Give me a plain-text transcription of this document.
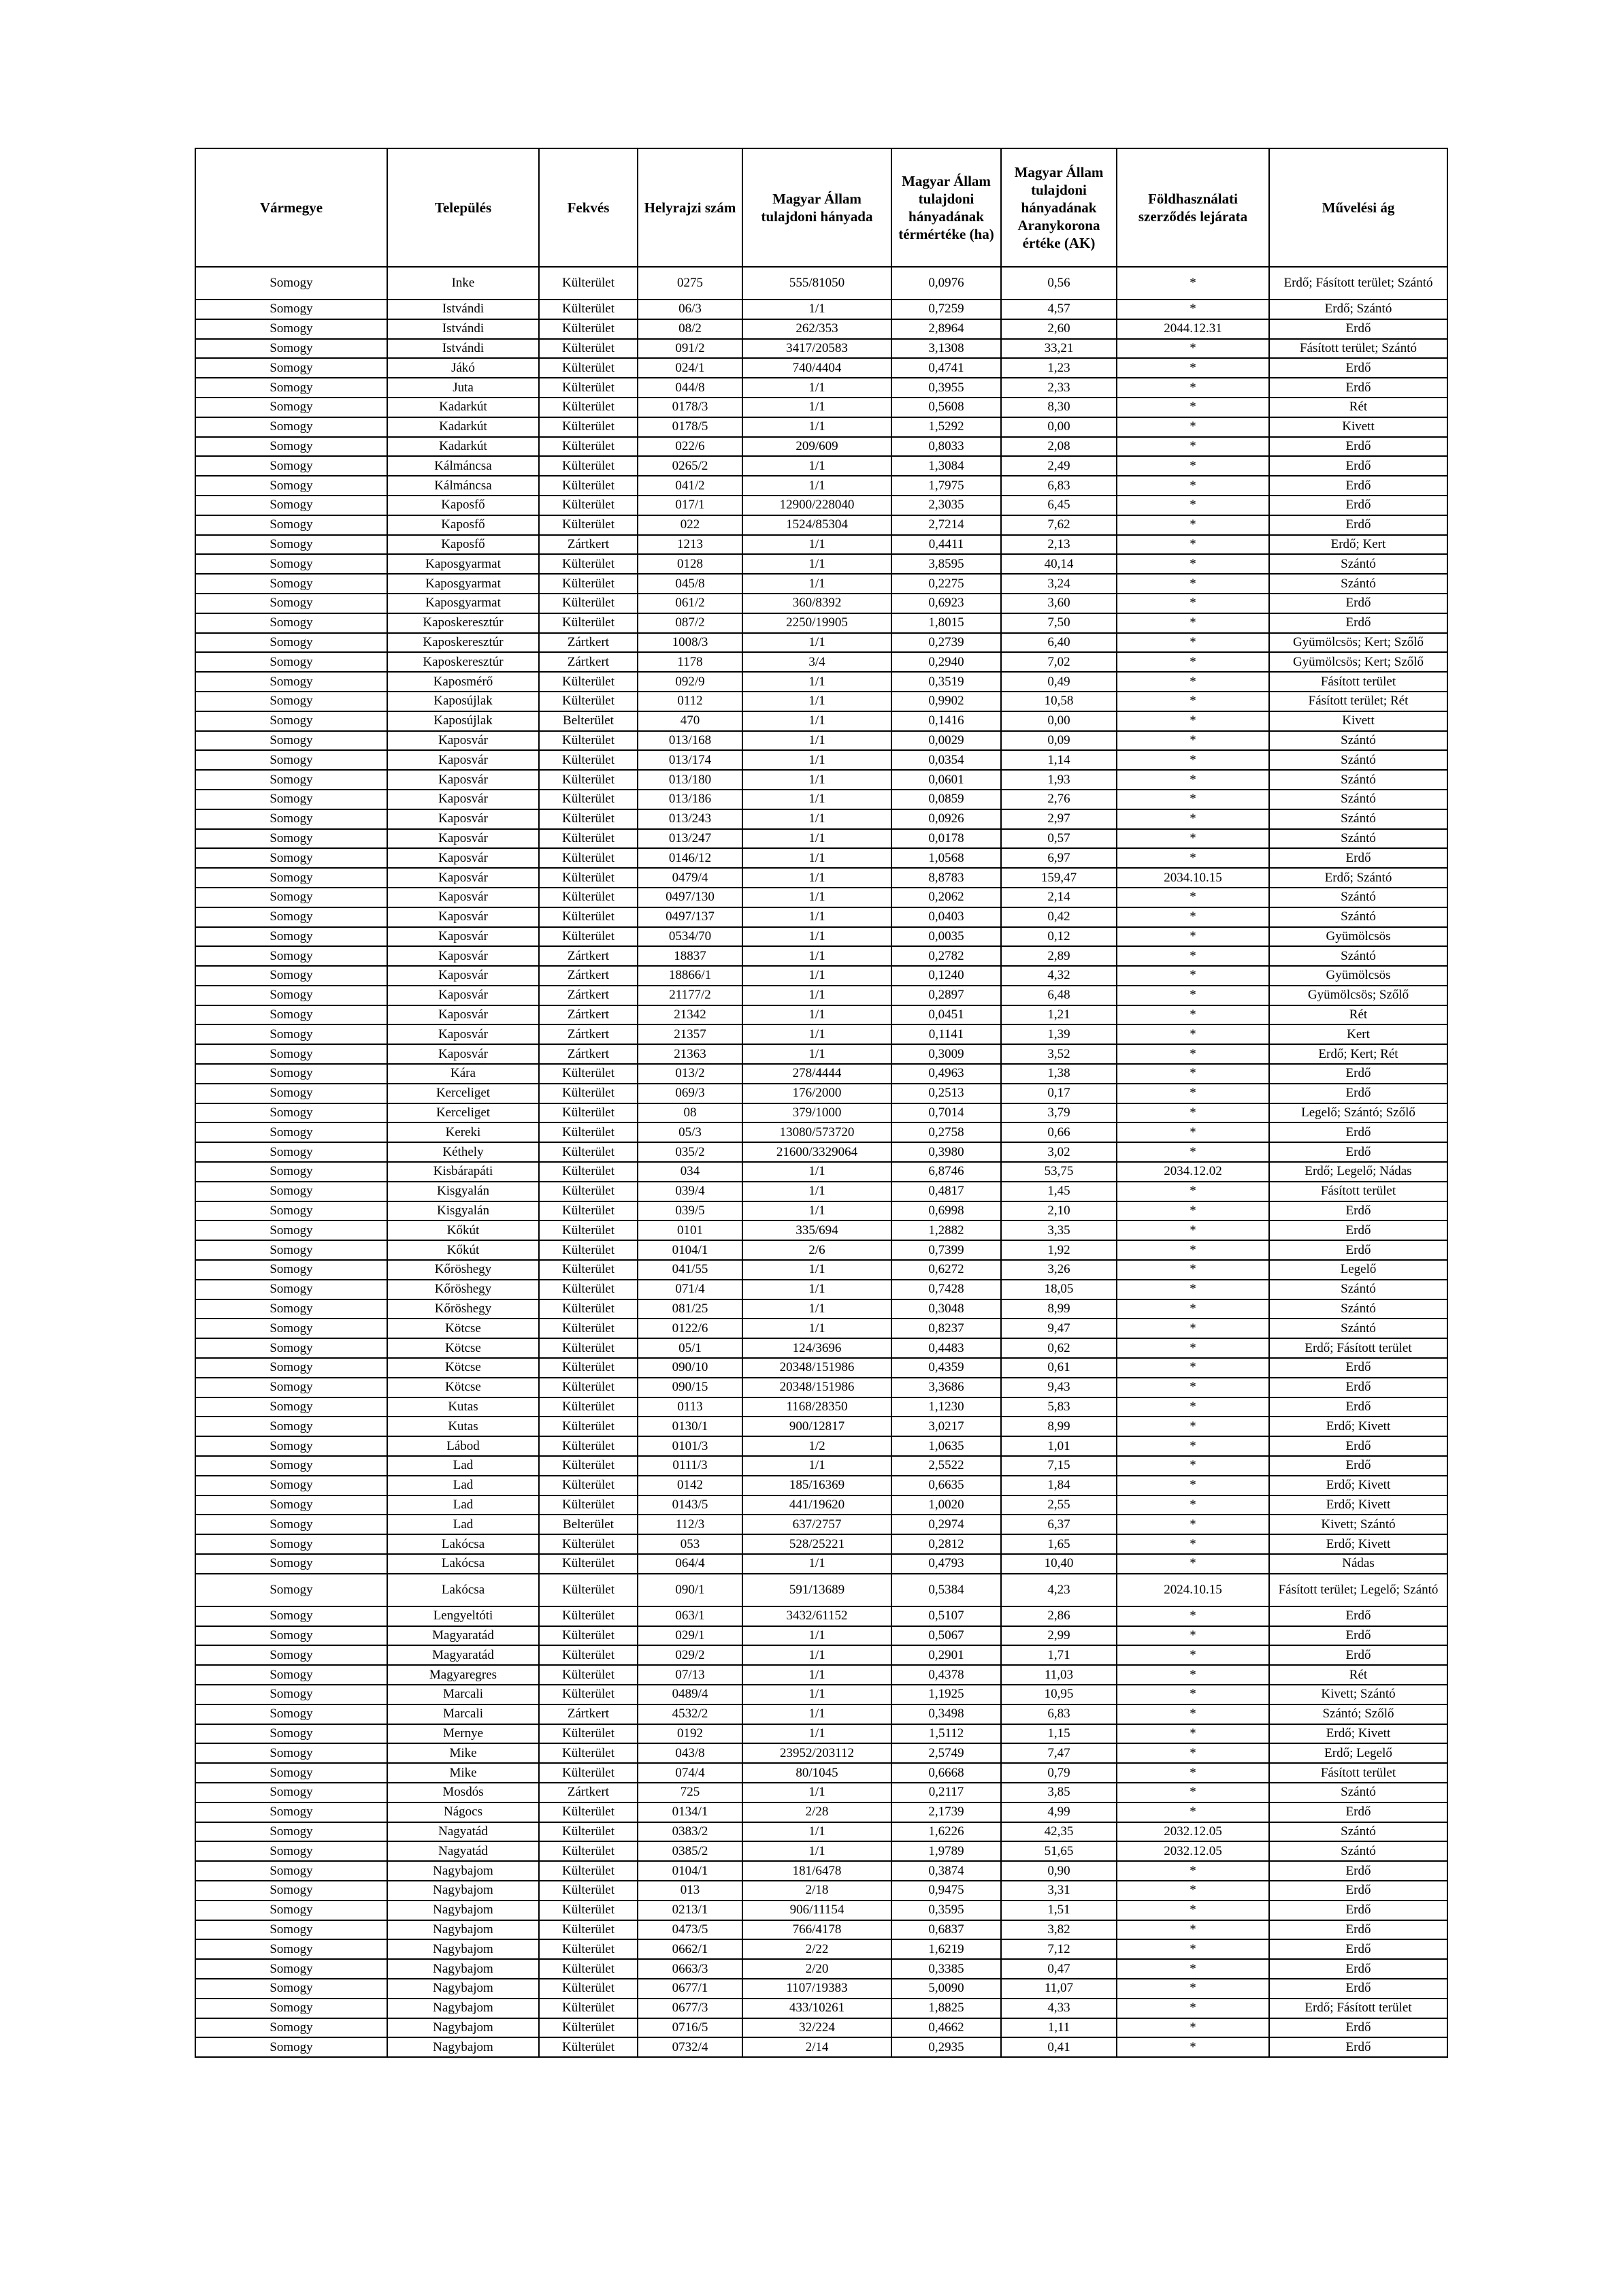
Vármegye	Település	Fekvés	Helyrajzi szám	Magyar Állam tulajdoni hányada	Magyar Állam tulajdoni hányadának térmértéke (ha)	Magyar Állam tulajdoni hányadának Aranykorona értéke (AK)	Földhasználati szerződés lejárata	Művelési ág
Somogy	Inke	Külterület	0275	555/81050	0,0976	0,56	*	Erdő; Fásított terület; Szántó
Somogy	Istvándi	Külterület	06/3	1/1	0,7259	4,57	*	Erdő; Szántó
Somogy	Istvándi	Külterület	08/2	262/353	2,8964	2,60	2044.12.31	Erdő
Somogy	Istvándi	Külterület	091/2	3417/20583	3,1308	33,21	*	Fásított terület; Szántó
Somogy	Jákó	Külterület	024/1	740/4404	0,4741	1,23	*	Erdő
Somogy	Juta	Külterület	044/8	1/1	0,3955	2,33	*	Erdő
Somogy	Kadarkút	Külterület	0178/3	1/1	0,5608	8,30	*	Rét
Somogy	Kadarkút	Külterület	0178/5	1/1	1,5292	0,00	*	Kivett
Somogy	Kadarkút	Külterület	022/6	209/609	0,8033	2,08	*	Erdő
Somogy	Kálmáncsa	Külterület	0265/2	1/1	1,3084	2,49	*	Erdő
Somogy	Kálmáncsa	Külterület	041/2	1/1	1,7975	6,83	*	Erdő
Somogy	Kaposfő	Külterület	017/1	12900/228040	2,3035	6,45	*	Erdő
Somogy	Kaposfő	Külterület	022	1524/85304	2,7214	7,62	*	Erdő
Somogy	Kaposfő	Zártkert	1213	1/1	0,4411	2,13	*	Erdő; Kert
Somogy	Kaposgyarmat	Külterület	0128	1/1	3,8595	40,14	*	Szántó
Somogy	Kaposgyarmat	Külterület	045/8	1/1	0,2275	3,24	*	Szántó
Somogy	Kaposgyarmat	Külterület	061/2	360/8392	0,6923	3,60	*	Erdő
Somogy	Kaposkeresztúr	Külterület	087/2	2250/19905	1,8015	7,50	*	Erdő
Somogy	Kaposkeresztúr	Zártkert	1008/3	1/1	0,2739	6,40	*	Gyümölcsös; Kert; Szőlő
Somogy	Kaposkeresztúr	Zártkert	1178	3/4	0,2940	7,02	*	Gyümölcsös; Kert; Szőlő
Somogy	Kaposmérő	Külterület	092/9	1/1	0,3519	0,49	*	Fásított terület
Somogy	Kaposújlak	Külterület	0112	1/1	0,9902	10,58	*	Fásított terület; Rét
Somogy	Kaposújlak	Belterület	470	1/1	0,1416	0,00	*	Kivett
Somogy	Kaposvár	Külterület	013/168	1/1	0,0029	0,09	*	Szántó
Somogy	Kaposvár	Külterület	013/174	1/1	0,0354	1,14	*	Szántó
Somogy	Kaposvár	Külterület	013/180	1/1	0,0601	1,93	*	Szántó
Somogy	Kaposvár	Külterület	013/186	1/1	0,0859	2,76	*	Szántó
Somogy	Kaposvár	Külterület	013/243	1/1	0,0926	2,97	*	Szántó
Somogy	Kaposvár	Külterület	013/247	1/1	0,0178	0,57	*	Szántó
Somogy	Kaposvár	Külterület	0146/12	1/1	1,0568	6,97	*	Erdő
Somogy	Kaposvár	Külterület	0479/4	1/1	8,8783	159,47	2034.10.15	Erdő; Szántó
Somogy	Kaposvár	Külterület	0497/130	1/1	0,2062	2,14	*	Szántó
Somogy	Kaposvár	Külterület	0497/137	1/1	0,0403	0,42	*	Szántó
Somogy	Kaposvár	Külterület	0534/70	1/1	0,0035	0,12	*	Gyümölcsös
Somogy	Kaposvár	Zártkert	18837	1/1	0,2782	2,89	*	Szántó
Somogy	Kaposvár	Zártkert	18866/1	1/1	0,1240	4,32	*	Gyümölcsös
Somogy	Kaposvár	Zártkert	21177/2	1/1	0,2897	6,48	*	Gyümölcsös; Szőlő
Somogy	Kaposvár	Zártkert	21342	1/1	0,0451	1,21	*	Rét
Somogy	Kaposvár	Zártkert	21357	1/1	0,1141	1,39	*	Kert
Somogy	Kaposvár	Zártkert	21363	1/1	0,3009	3,52	*	Erdő; Kert; Rét
Somogy	Kára	Külterület	013/2	278/4444	0,4963	1,38	*	Erdő
Somogy	Kerceliget	Külterület	069/3	176/2000	0,2513	0,17	*	Erdő
Somogy	Kerceliget	Külterület	08	379/1000	0,7014	3,79	*	Legelő; Szántó; Szőlő
Somogy	Kereki	Külterület	05/3	13080/573720	0,2758	0,66	*	Erdő
Somogy	Kéthely	Külterület	035/2	21600/3329064	0,3980	3,02	*	Erdő
Somogy	Kisbárapáti	Külterület	034	1/1	6,8746	53,75	2034.12.02	Erdő; Legelő; Nádas
Somogy	Kisgyalán	Külterület	039/4	1/1	0,4817	1,45	*	Fásított terület
Somogy	Kisgyalán	Külterület	039/5	1/1	0,6998	2,10	*	Erdő
Somogy	Kőkút	Külterület	0101	335/694	1,2882	3,35	*	Erdő
Somogy	Kőkút	Külterület	0104/1	2/6	0,7399	1,92	*	Erdő
Somogy	Kőröshegy	Külterület	041/55	1/1	0,6272	3,26	*	Legelő
Somogy	Kőröshegy	Külterület	071/4	1/1	0,7428	18,05	*	Szántó
Somogy	Kőröshegy	Külterület	081/25	1/1	0,3048	8,99	*	Szántó
Somogy	Kötcse	Külterület	0122/6	1/1	0,8237	9,47	*	Szántó
Somogy	Kötcse	Külterület	05/1	124/3696	0,4483	0,62	*	Erdő; Fásított terület
Somogy	Kötcse	Külterület	090/10	20348/151986	0,4359	0,61	*	Erdő
Somogy	Kötcse	Külterület	090/15	20348/151986	3,3686	9,43	*	Erdő
Somogy	Kutas	Külterület	0113	1168/28350	1,1230	5,83	*	Erdő
Somogy	Kutas	Külterület	0130/1	900/12817	3,0217	8,99	*	Erdő; Kivett
Somogy	Lábod	Külterület	0101/3	1/2	1,0635	1,01	*	Erdő
Somogy	Lad	Külterület	0111/3	1/1	2,5522	7,15	*	Erdő
Somogy	Lad	Külterület	0142	185/16369	0,6635	1,84	*	Erdő; Kivett
Somogy	Lad	Külterület	0143/5	441/19620	1,0020	2,55	*	Erdő; Kivett
Somogy	Lad	Belterület	112/3	637/2757	0,2974	6,37	*	Kivett; Szántó
Somogy	Lakócsa	Külterület	053	528/25221	0,2812	1,65	*	Erdő; Kivett
Somogy	Lakócsa	Külterület	064/4	1/1	0,4793	10,40	*	Nádas
Somogy	Lakócsa	Külterület	090/1	591/13689	0,5384	4,23	2024.10.15	Fásított terület; Legelő; Szántó
Somogy	Lengyeltóti	Külterület	063/1	3432/61152	0,5107	2,86	*	Erdő
Somogy	Magyaratád	Külterület	029/1	1/1	0,5067	2,99	*	Erdő
Somogy	Magyaratád	Külterület	029/2	1/1	0,2901	1,71	*	Erdő
Somogy	Magyaregres	Külterület	07/13	1/1	0,4378	11,03	*	Rét
Somogy	Marcali	Külterület	0489/4	1/1	1,1925	10,95	*	Kivett; Szántó
Somogy	Marcali	Zártkert	4532/2	1/1	0,3498	6,83	*	Szántó; Szőlő
Somogy	Mernye	Külterület	0192	1/1	1,5112	1,15	*	Erdő; Kivett
Somogy	Mike	Külterület	043/8	23952/203112	2,5749	7,47	*	Erdő; Legelő
Somogy	Mike	Külterület	074/4	80/1045	0,6668	0,79	*	Fásított terület
Somogy	Mosdós	Zártkert	725	1/1	0,2117	3,85	*	Szántó
Somogy	Nágocs	Külterület	0134/1	2/28	2,1739	4,99	*	Erdő
Somogy	Nagyatád	Külterület	0383/2	1/1	1,6226	42,35	2032.12.05	Szántó
Somogy	Nagyatád	Külterület	0385/2	1/1	1,9789	51,65	2032.12.05	Szántó
Somogy	Nagybajom	Külterület	0104/1	181/6478	0,3874	0,90	*	Erdő
Somogy	Nagybajom	Külterület	013	2/18	0,9475	3,31	*	Erdő
Somogy	Nagybajom	Külterület	0213/1	906/11154	0,3595	1,51	*	Erdő
Somogy	Nagybajom	Külterület	0473/5	766/4178	0,6837	3,82	*	Erdő
Somogy	Nagybajom	Külterület	0662/1	2/22	1,6219	7,12	*	Erdő
Somogy	Nagybajom	Külterület	0663/3	2/20	0,3385	0,47	*	Erdő
Somogy	Nagybajom	Külterület	0677/1	1107/19383	5,0090	11,07	*	Erdő
Somogy	Nagybajom	Külterület	0677/3	433/10261	1,8825	4,33	*	Erdő; Fásított terület
Somogy	Nagybajom	Külterület	0716/5	32/224	0,4662	1,11	*	Erdő
Somogy	Nagybajom	Külterület	0732/4	2/14	0,2935	0,41	*	Erdő
